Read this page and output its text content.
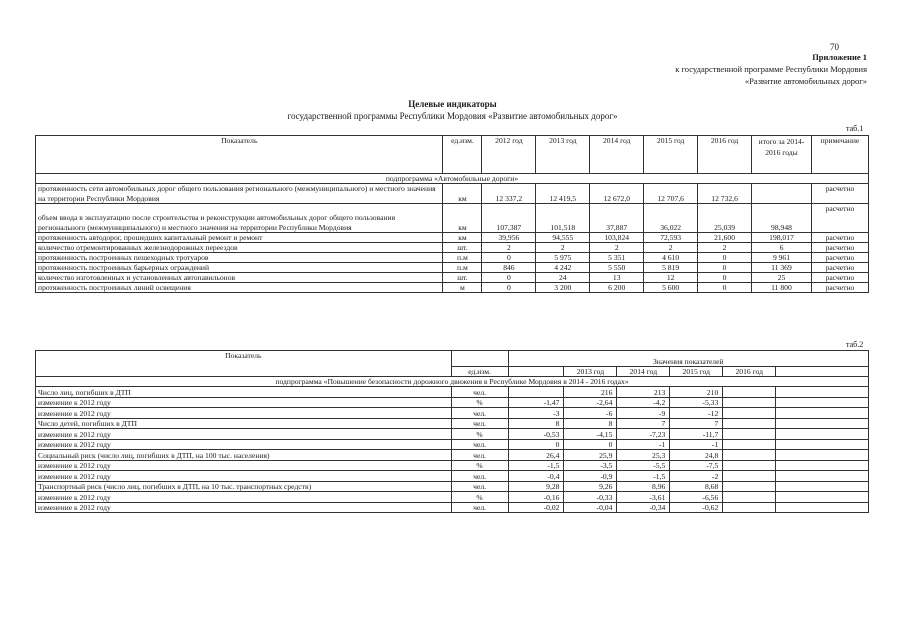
70
Приложение 1
к государственной программе Республики Мордовия
«Развитие автомобильных дорог»
Целевые индикаторы
государственной программы Республики Мордовия «Развитие автомобильных дорог»
таб.1
Показатель	ед.изм.	2012 год	2013 год	2014 год	2015 год	2016 год	итого за 2014-2016 годы	примечание
подпрограмма «Автомобильные дороги»								
протяженность сети автомобильных дорог общего пользования регионального (межмуниципального) и местного значения на территории Республики Мордовия	км	12 337,2	12 419,5	12 672,0	12 707,6	12 732,6		расчетно
объем ввода в эксплуатацию после строительства и реконструкции автомобильных дорог общего пользования регионального (межмуниципального) и местного значения на территории Республики Мордовия	км	107,387	101,518	37,887	36,022	25,039	98,948	расчетно
протяженность автодорог, прошедших капитальный ремонт и ремонт	км	39,956	94,555	103,824	72,593	21,600	198,017	расчетно
количество отремонтированных железнодорожных переездов	шт.	2	2	2	2	2	6	расчетно
протяженность построенных пешеходных тротуаров	п.м	0	5 975	5 351	4 610	0	9 961	расчетно
протяженность построенных барьерных ограждений	п.м	846	4 242	5 550	5 819	0	11 369	расчетно
количество изготовленных и установленных автопавильонов	шт.	0	24	13	12	0	25	расчетно
протяженность построенных линий освещения	м	0	3 200	6 200	5 600	0	11 800	расчетно
таб.2
Показатель		Значения показателей					
	ед.изм.		2013 год	2014 год	2015 год	2016 год	
подпрограмма «Повышение безопасности дорожного движения в Республике Мордовия в 2014 - 2016 годах»							
Число лиц, погибших в ДТП	чел.		216	213	210		
изменение к 2012 году	%	-1,47	-2,64	-4,2	-5,33		
изменение к 2012 году	чел.	-3	-6	-9	-12		
Число детей, погибших в ДТП	чел.	8	8	7	7		
изменение к 2012 году	%	-0,53	-4,15	-7,23	-11,7		
изменение к 2012 году	чел.	0	0	-1	-1		
Социальный риск (число лиц, погибших в ДТП, на 100 тыс. населения)	чел.	26,4	25,9	25,3	24,8		
изменение к 2012 году	%	-1,5	-3,5	-5,5	-7,5		
изменение к 2012 году	чел.	-0,4	-0,9	-1,5	-2		
Транспортный риск (число лиц, погибших в ДТП, на 10 тыс. транспортных средств)	чел.	9,28	9,26	8,96	8,68		
изменение к 2012 году	%	-0,16	-0,33	-3,61	-6,56		
изменение к 2012 году	чел.	-0,02	-0,04	-0,34	-0,62		
